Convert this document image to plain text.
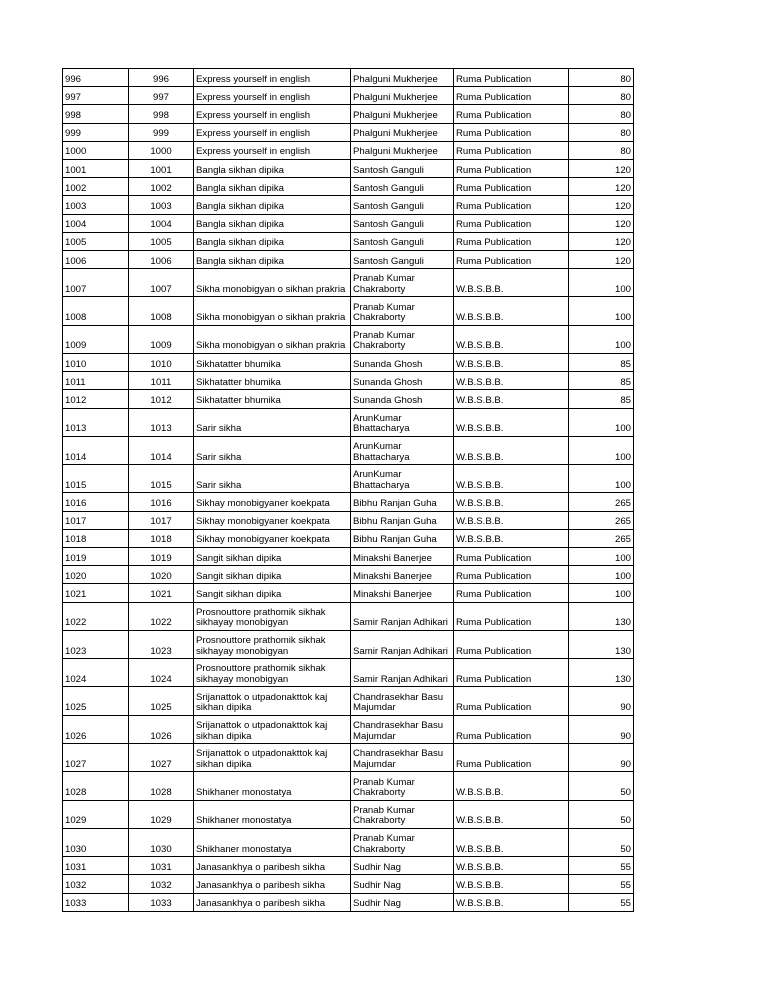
996	996	Express yourself in english	Phalguni Mukherjee	Ruma Publication	80
997	997	Express yourself in english	Phalguni Mukherjee	Ruma Publication	80
998	998	Express yourself in english	Phalguni Mukherjee	Ruma Publication	80
999	999	Express yourself in english	Phalguni Mukherjee	Ruma Publication	80
1000	1000	Express yourself in english	Phalguni Mukherjee	Ruma Publication	80
1001	1001	Bangla sikhan dipika	Santosh Ganguli	Ruma Publication	120
1002	1002	Bangla sikhan dipika	Santosh Ganguli	Ruma Publication	120
1003	1003	Bangla sikhan dipika	Santosh Ganguli	Ruma Publication	120
1004	1004	Bangla sikhan dipika	Santosh Ganguli	Ruma Publication	120
1005	1005	Bangla sikhan dipika	Santosh Ganguli	Ruma Publication	120
1006	1006	Bangla sikhan dipika	Santosh Ganguli	Ruma Publication	120
1007	1007	Sikha monobigyan o sikhan prakria	Pranab Kumar Chakraborty	W.B.S.B.B.	100
1008	1008	Sikha monobigyan o sikhan prakria	Pranab Kumar Chakraborty	W.B.S.B.B.	100
1009	1009	Sikha monobigyan o sikhan prakria	Pranab Kumar Chakraborty	W.B.S.B.B.	100
1010	1010	Sikhatatter bhumika	Sunanda Ghosh	W.B.S.B.B.	85
1011	1011	Sikhatatter bhumika	Sunanda Ghosh	W.B.S.B.B.	85
1012	1012	Sikhatatter bhumika	Sunanda Ghosh	W.B.S.B.B.	85
1013	1013	Sarir sikha	ArunKumar Bhattacharya	W.B.S.B.B.	100
1014	1014	Sarir sikha	ArunKumar Bhattacharya	W.B.S.B.B.	100
1015	1015	Sarir sikha	ArunKumar Bhattacharya	W.B.S.B.B.	100
1016	1016	Sikhay monobigyaner koekpata	Bibhu Ranjan Guha	W.B.S.B.B.	265
1017	1017	Sikhay monobigyaner koekpata	Bibhu Ranjan Guha	W.B.S.B.B.	265
1018	1018	Sikhay monobigyaner koekpata	Bibhu Ranjan Guha	W.B.S.B.B.	265
1019	1019	Sangit sikhan dipika	Minakshi Banerjee	Ruma Publication	100
1020	1020	Sangit sikhan dipika	Minakshi Banerjee	Ruma Publication	100
1021	1021	Sangit sikhan dipika	Minakshi Banerjee	Ruma Publication	100
1022	1022	Prosnouttore prathomik sikhak sikhayay monobigyan	Samir Ranjan Adhikari	Ruma Publication	130
1023	1023	Prosnouttore prathomik sikhak sikhayay monobigyan	Samir Ranjan Adhikari	Ruma Publication	130
1024	1024	Prosnouttore prathomik sikhak sikhayay monobigyan	Samir Ranjan Adhikari	Ruma Publication	130
1025	1025	Srijanattok o utpadonakttok kaj sikhan dipika	Chandrasekhar Basu Majumdar	Ruma Publication	90
1026	1026	Srijanattok o utpadonakttok kaj sikhan dipika	Chandrasekhar Basu Majumdar	Ruma Publication	90
1027	1027	Srijanattok o utpadonakttok kaj sikhan dipika	Chandrasekhar Basu Majumdar	Ruma Publication	90
1028	1028	Shikhaner monostatya	Pranab Kumar Chakraborty	W.B.S.B.B.	50
1029	1029	Shikhaner monostatya	Pranab Kumar Chakraborty	W.B.S.B.B.	50
1030	1030	Shikhaner monostatya	Pranab Kumar Chakraborty	W.B.S.B.B.	50
1031	1031	Janasankhya o paribesh sikha	Sudhir Nag	W.B.S.B.B.	55
1032	1032	Janasankhya o paribesh sikha	Sudhir Nag	W.B.S.B.B.	55
1033	1033	Janasankhya o paribesh sikha	Sudhir Nag	W.B.S.B.B.	55
